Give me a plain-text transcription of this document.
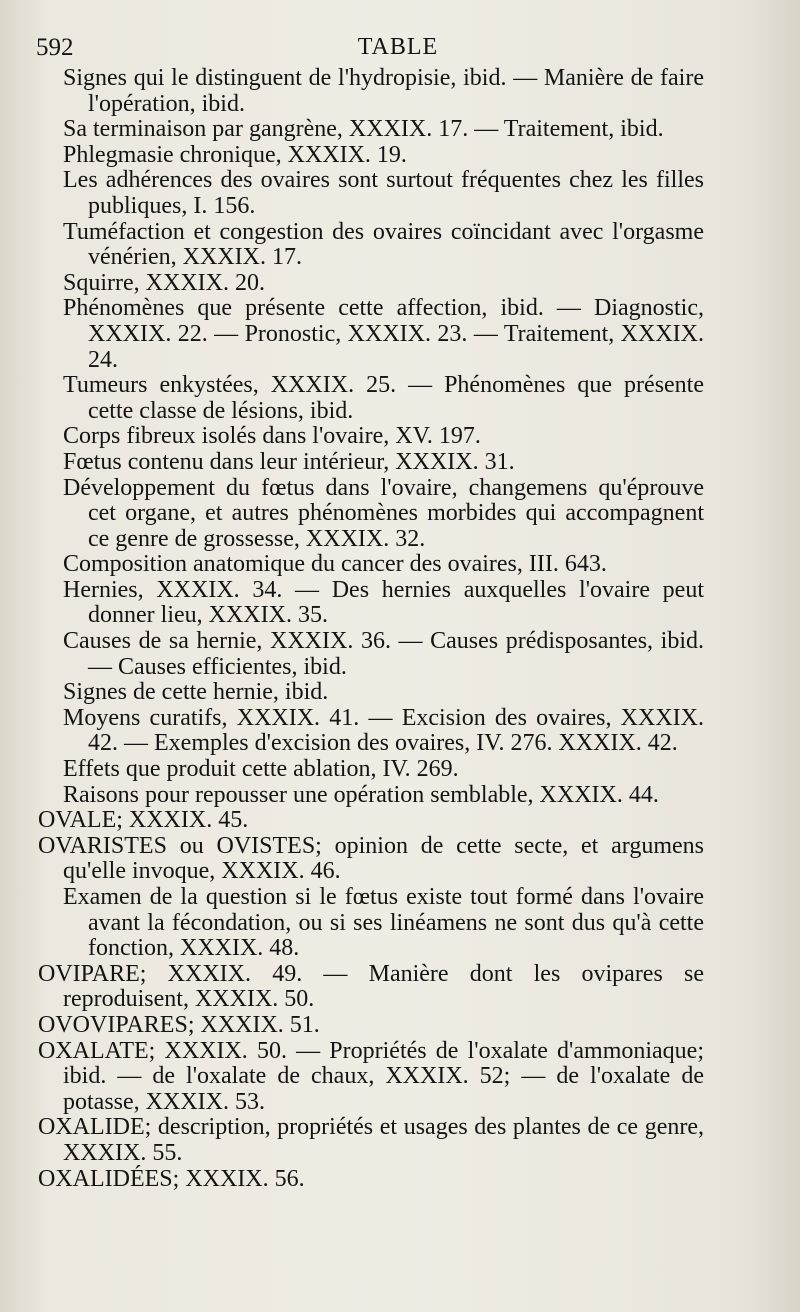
592	TABLE

Signes qui le distinguent de l'hydropisie, ibid. — Manière de faire l'opération, ibid.

Sa terminaison par gangrène, XXXIX. 17. — Traitement, ibid.

Phlegmasie chronique, XXXIX. 19.

Les adhérences des ovaires sont surtout fréquentes chez les filles publiques, I. 156.

Tuméfaction et congestion des ovaires coïncidant avec l'orgasme vénérien, XXXIX. 17.

Squirre, XXXIX. 20.

Phénomènes que présente cette affection, ibid. — Diagnostic, XXXIX. 22. — Pronostic, XXXIX. 23. — Traitement, XXXIX. 24.

Tumeurs enkystées, XXXIX. 25. — Phénomènes que présente cette classe de lésions, ibid.

Corps fibreux isolés dans l'ovaire, XV. 197.

Fœtus contenu dans leur intérieur, XXXIX. 31.

Développement du fœtus dans l'ovaire, changemens qu'éprouve cet organe, et autres phénomènes morbides qui accompagnent ce genre de grossesse, XXXIX. 32.

Composition anatomique du cancer des ovaires, III. 643.

Hernies, XXXIX. 34. — Des hernies auxquelles l'ovaire peut donner lieu, XXXIX. 35.

Causes de sa hernie, XXXIX. 36. — Causes prédisposantes, ibid. — Causes efficientes, ibid.

Signes de cette hernie, ibid.

Moyens curatifs, XXXIX. 41. — Excision des ovaires, XXXIX. 42. — Exemples d'excision des ovaires, IV. 276. XXXIX. 42.

Effets que produit cette ablation, IV. 269.

Raisons pour repousser une opération semblable, XXXIX. 44.

OVALE; XXXIX. 45.

OVARISTES ou OVISTES; opinion de cette secte, et argumens qu'elle invoque, XXXIX. 46.

Examen de la question si le fœtus existe tout formé dans l'ovaire avant la fécondation, ou si ses linéamens ne sont dus qu'à cette fonction, XXXIX. 48.

OVIPARE; XXXIX. 49. — Manière dont les ovipares se reproduisent, XXXIX. 50.

OVOVIPARES; XXXIX. 51.

OXALATE; XXXIX. 50. — Propriétés de l'oxalate d'ammoniaque; ibid. — de l'oxalate de chaux, XXXIX. 52; — de l'oxalate de potasse, XXXIX. 53.

OXALIDE; description, propriétés et usages des plantes de ce genre, XXXIX. 55.

OXALIDÉES; XXXIX. 56.
